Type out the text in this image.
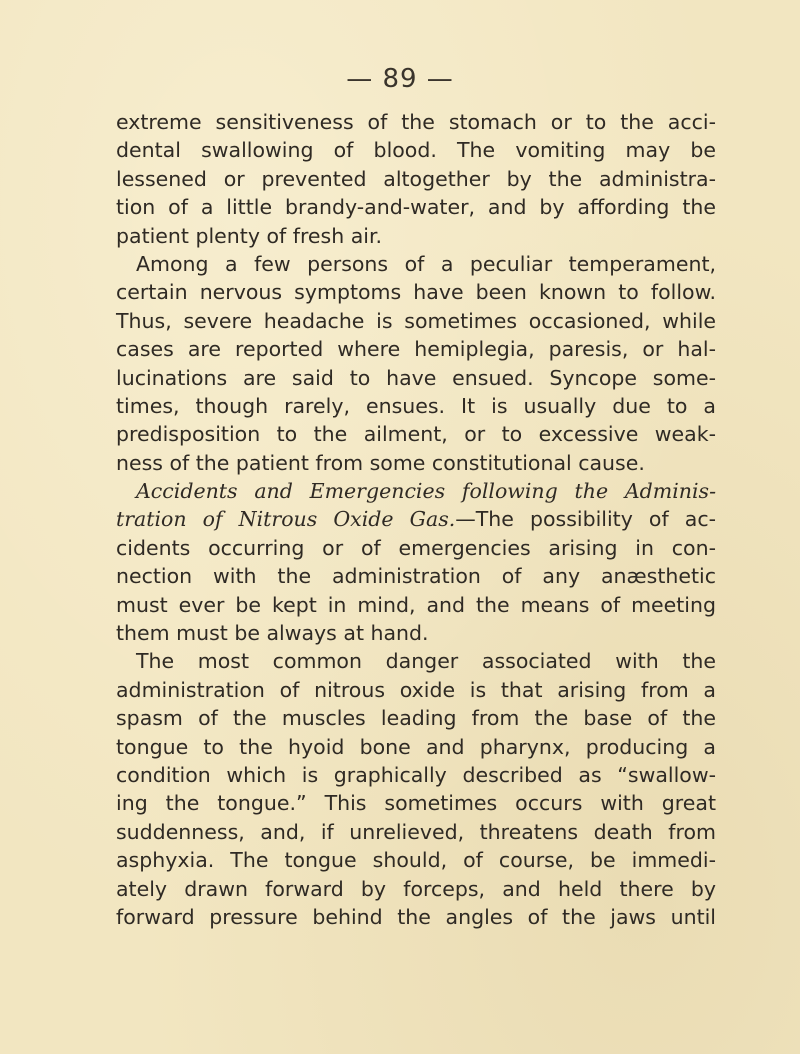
— 89 —
extreme sensitiveness of the stomach or to the acci-
dental swallowing of blood. The vomiting may be
lessened or prevented altogether by the administra-
tion of a little brandy-and-water, and by affording the
patient plenty of fresh air.
Among a few persons of a peculiar temperament,
certain nervous symptoms have been known to follow.
Thus, severe headache is sometimes occasioned, while
cases are reported where hemiplegia, paresis, or hal-
lucinations are said to have ensued. Syncope some-
times, though rarely, ensues. It is usually due to a
predisposition to the ailment, or to excessive weak-
ness of the patient from some constitutional cause.
Accidents and Emergencies following the Adminis-
tration of Nitrous Oxide Gas.—The possibility of ac-
cidents occurring or of emergencies arising in con-
nection with the administration of any anæsthetic
must ever be kept in mind, and the means of meeting
them must be always at hand.
The most common danger associated with the
administration of nitrous oxide is that arising from a
spasm of the muscles leading from the base of the
tongue to the hyoid bone and pharynx, producing a
condition which is graphically described as “swallow-
ing the tongue.” This sometimes occurs with great
suddenness, and, if unrelieved, threatens death from
asphyxia. The tongue should, of course, be immedi-
ately drawn forward by forceps, and held there by
forward pressure behind the angles of the jaws until
